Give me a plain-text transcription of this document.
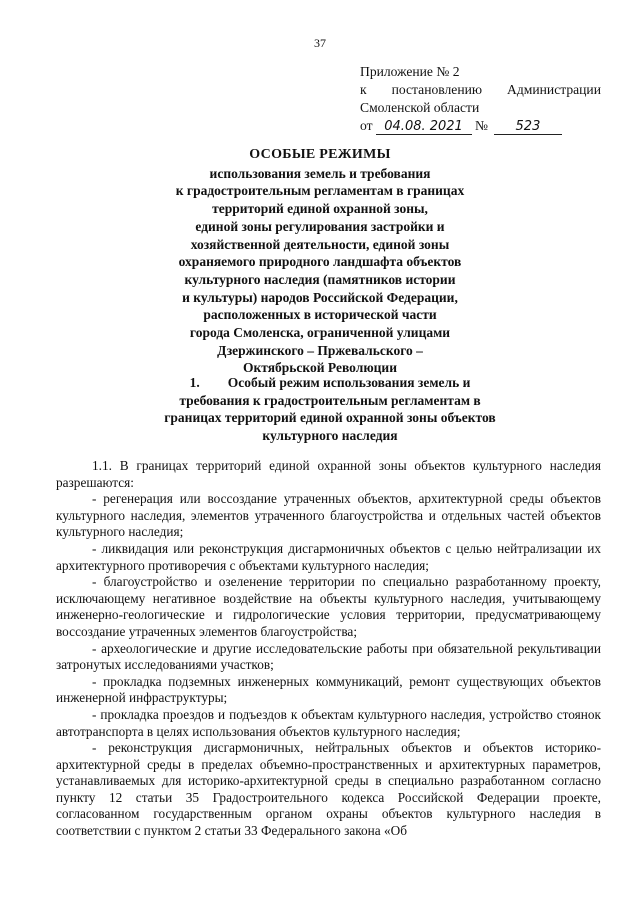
37
Приложение № 2
к постановлению Администрации
Смоленской области
от 04.08. 2021 № 523
ОСОБЫЕ РЕЖИМЫ
использования земель и требования
к градостроительным регламентам в границах
территорий единой охранной зоны,
единой зоны регулирования застройки и
хозяйственной деятельности, единой зоны
охраняемого природного ландшафта объектов
культурного наследия (памятников истории
и культуры) народов Российской Федерации,
расположенных в исторической части
города Смоленска, ограниченной улицами
Дзержинского – Пржевальского –
Октябрьской Революции
1. Особый режим использования земель и требования к градостроительным регламентам в границах территорий единой охранной зоны объектов культурного наследия

1.1. В границах территорий единой охранной зоны объектов культурного наследия разрешаются:

- регенерация или воссоздание утраченных объектов, архитектурной среды объектов культурного наследия, элементов утраченного благоустройства и отдельных частей объектов культурного наследия;

- ликвидация или реконструкция дисгармоничных объектов с целью нейтрализации их архитектурного противоречия с объектами культурного наследия;

- благоустройство и озеленение территории по специально разработанному проекту, исключающему негативное воздействие на объекты культурного наследия, учитывающему инженерно-геологические и гидрологические условия территории, предусматривающему воссоздание утраченных элементов благоустройства;

- археологические и другие исследовательские работы при обязательной рекультивации затронутых исследованиями участков;

- прокладка подземных инженерных коммуникаций, ремонт существующих объектов инженерной инфраструктуры;

- прокладка проездов и подъездов к объектам культурного наследия, устройство стоянок автотранспорта в целях использования объектов культурного наследия;

- реконструкция дисгармоничных, нейтральных объектов и объектов историко-архитектурной среды в пределах объемно-пространственных и архитектурных параметров, устанавливаемых для историко-архитектурной среды в специально разработанном согласно пункту 12 статьи 35 Градостроительного кодекса Российской Федерации проекте, согласованном государственным органом охраны объектов культурного наследия в соответствии с пунктом 2 статьи 33 Федерального закона «Об
